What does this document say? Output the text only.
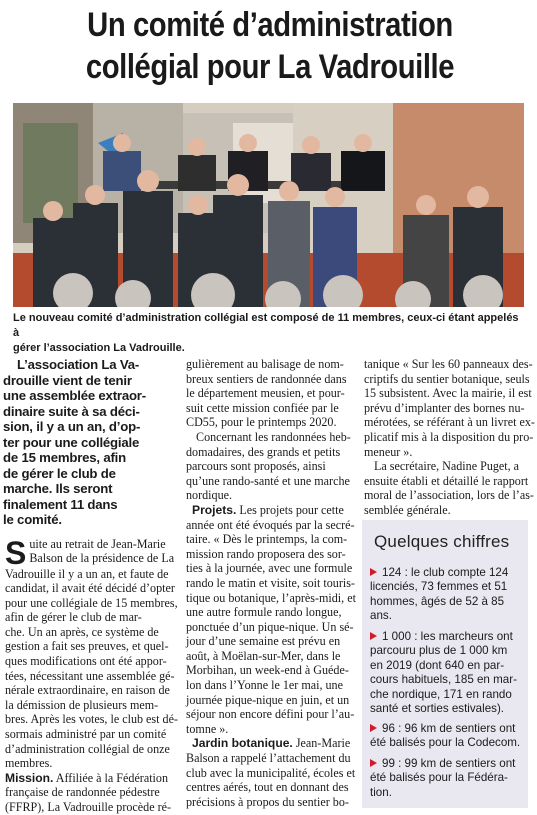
Un comité d’administration
collégial pour La Vadrouille
Le nouveau comité d’administration collégial est composé de 11 membres, ceux-ci étant appelés à
gérer l’association La Vadrouille.
L’association La Va-
drouille vient de tenir
une assemblée extraor-
dinaire suite à sa déci-
sion, il y a un an, d’op-
ter pour une collégiale
de 15 membres, afin
de gérer le club de
marche. Ils seront
finalement 11 dans
le comité.
S uite au retrait de Jean-Marie
Balson de la présidence de La
Vadrouille il y a un an, et faute de
candidat, il avait été décidé d’opter
pour une collégiale de 15 membres,
afin de gérer le club de mar-
che. Un an après, ce système de
gestion a fait ses preuves, et quel-
ques modifications ont été appor-
tées, nécessitant une assemblée gé-
nérale extraordinaire, en raison de
la démission de plusieurs mem-
bres. Après les votes, le club est dé-
sormais administré par un comité
d’administration collégial de onze
membres.
Mission. Affiliée à la Fédération
française de randonnée pédestre
(FFRP), La Vadrouille procède ré-
gulièrement au balisage de nom-
breux sentiers de randonnée dans
le département meusien, et pour-
suit cette mission confiée par le
CD55, pour le printemps 2020.
Concernant les randonnées heb-
domadaires, des grands et petits
parcours sont proposés, ainsi
qu’une rando-santé et une marche
nordique.
Projets. Les projets pour cette
année ont été évoqués par la secré-
taire. « Dès le printemps, la com-
mission rando proposera des sor-
ties à la journée, avec une formule
rando le matin et visite, soit touris-
tique ou botanique, l’après-midi, et
une autre formule rando longue,
ponctuée d’un pique-nique. Un sé-
jour d’une semaine est prévu en
août, à Moëlan-sur-Mer, dans le
Morbihan, un week-end à Guéde-
lon dans l’Yonne le 1er mai, une
journée pique-nique en juin, et un
séjour non encore défini pour l’au-
tomne ».
Jardin botanique. Jean-Marie
Balson a rappelé l’attachement du
club avec la municipalité, écoles et
centres aérés, tout en donnant des
précisions à propos du sentier bo-
tanique « Sur les 60 panneaux des-
criptifs du sentier botanique, seuls
15 subsistent. Avec la mairie, il est
prévu d’implanter des bornes nu-
mérotées, se référant à un livret ex-
plicatif mis à la disposition du pro-
meneur ».
La secrétaire, Nadine Puget, a
ensuite établi et détaillé le rapport
moral de l’association, lors de l’as-
semblée générale.
Quelques chiffres
124 : le club compte 124
licenciés, 73 femmes et 51
hommes, âgés de 52 à 85
ans.
1 000 : les marcheurs ont
parcouru plus de 1 000 km
en 2019 (dont 640 en par-
cours habituels, 185 en mar-
che nordique, 171 en rando
santé et sorties estivales).
96 : 96 km de sentiers ont
été balisés pour la Codecom.
99 : 99 km de sentiers ont
été balisés pour la Fédéra-
tion.
